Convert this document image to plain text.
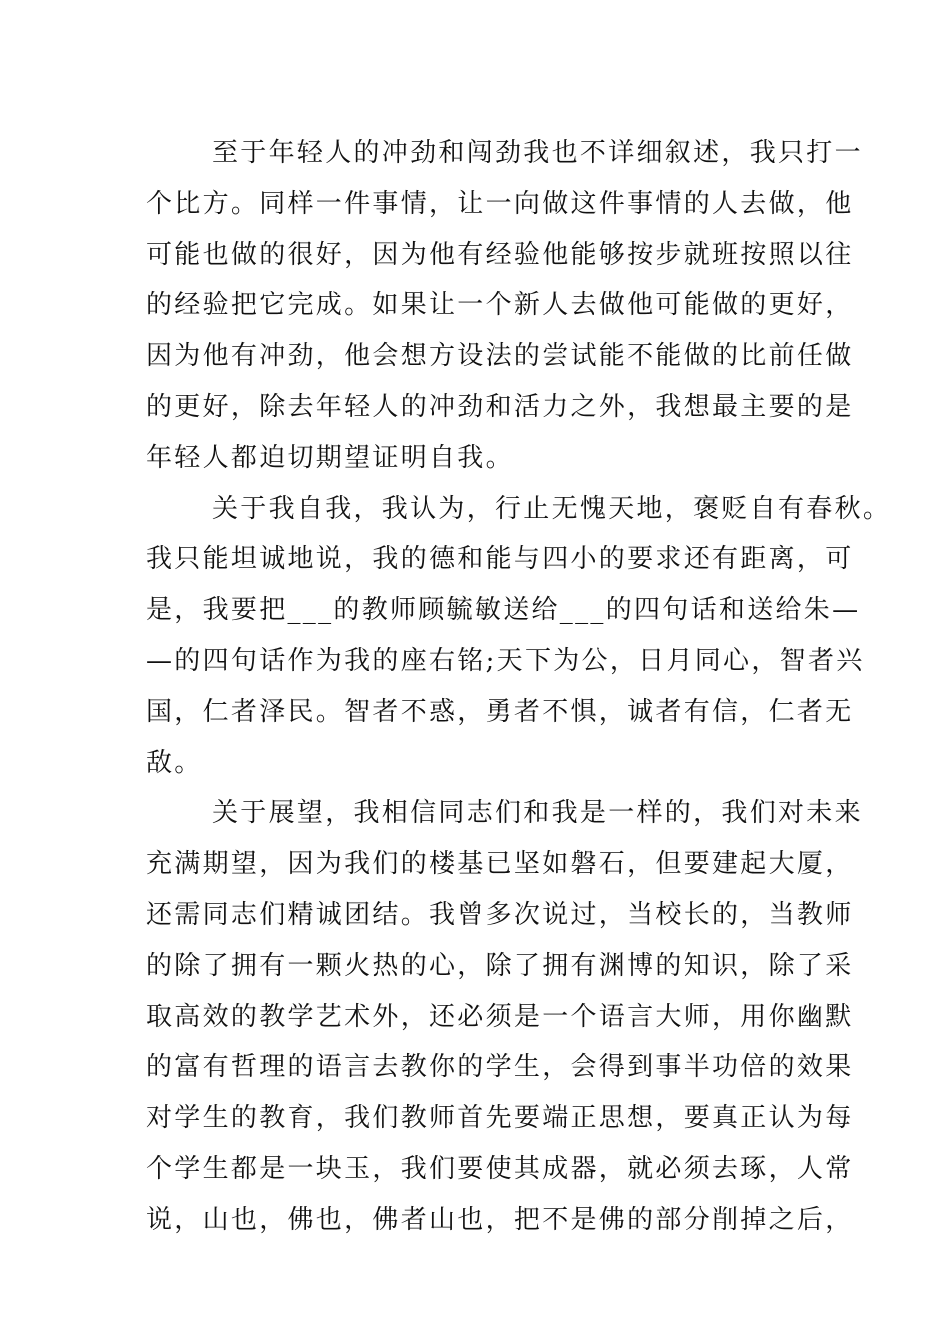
至于年轻人的冲劲和闯劲我也不详细叙述，我只打一
个比方。同样一件事情，让一向做这件事情的人去做，他
可能也做的很好，因为他有经验他能够按步就班按照以往
的经验把它完成。如果让一个新人去做他可能做的更好，
因为他有冲劲，他会想方设法的尝试能不能做的比前任做
的更好，除去年轻人的冲劲和活力之外，我想最主要的是
年轻人都迫切期望证明自我。
关于我自我，我认为，行止无愧天地，褒贬自有春秋。
我只能坦诚地说，我的德和能与四小的要求还有距离，可
是，我要把___的教师顾毓敏送给___的四句话和送给朱—
—的四句话作为我的座右铭;天下为公，日月同心，智者兴
国，仁者泽民。智者不惑，勇者不惧，诚者有信，仁者无
敌。
关于展望，我相信同志们和我是一样的，我们对未来
充满期望，因为我们的楼基已坚如磐石，但要建起大厦，
还需同志们精诚团结。我曾多次说过，当校长的，当教师
的除了拥有一颗火热的心，除了拥有渊博的知识，除了采
取高效的教学艺术外，还必须是一个语言大师，用你幽默
的富有哲理的语言去教你的学生，会得到事半功倍的效果
对学生的教育，我们教师首先要端正思想，要真正认为每
个学生都是一块玉，我们要使其成器，就必须去琢，人常
说，山也，佛也，佛者山也，把不是佛的部分削掉之后，
